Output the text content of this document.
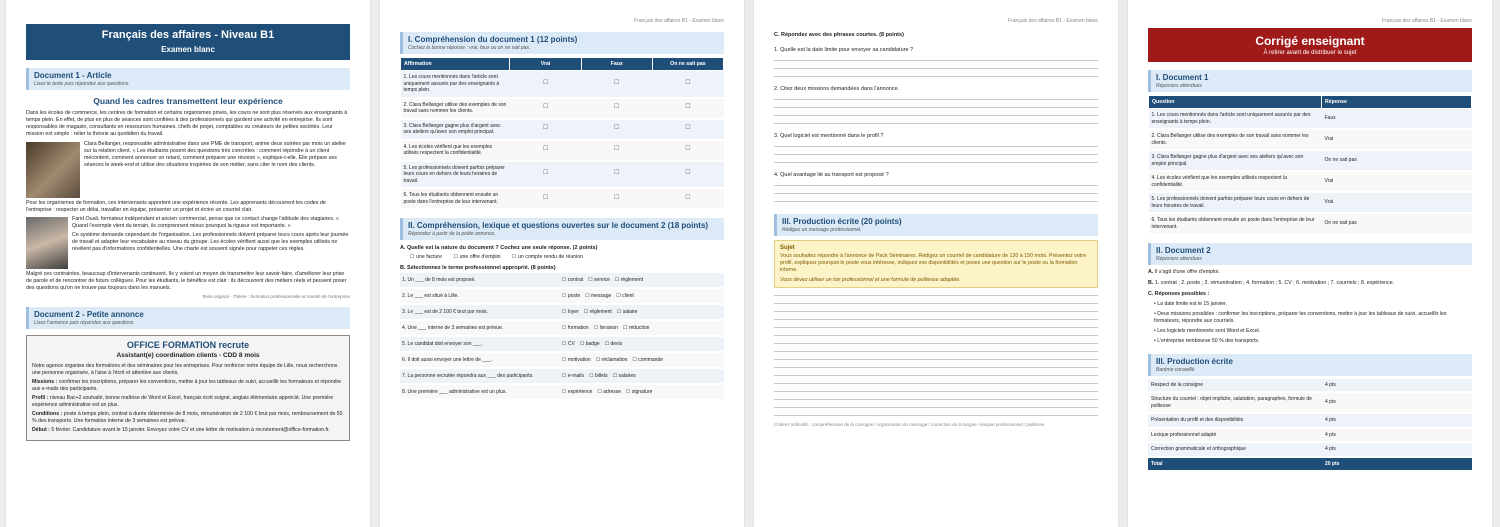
Français des affaires - Niveau B1
Examen blanc
Document 1 - Article
Lisez le texte puis répondez aux questions.
Quand les cadres transmettent leur expérience
Dans les écoles de commerce, les centres de formation et certains organismes privés, les cours ne sont plus réservés aux enseignants à temps plein. En effet, de plus en plus de séances sont confiées à des professionnels qui gardent une activité en entreprise. Ils sont responsables de magasin, consultants en ressources humaines, chefs de projet, comptables ou créateurs de petites sociétés. Leur mission est simple : relier la théorie au quotidien du travail.
Clara Bellanger, responsable administrative dans une PME de transport, anime deux soirées par mois un atelier sur la relation client. « Les étudiants posent des questions très concrètes : comment répondre à un client mécontent, comment annoncer un retard, comment préparer une réunion », explique-t-elle. Elle prépare ses séances le week-end et utilise des situations inspirées de son métier, sans citer le nom des clients.
Pour les organismes de formation, ces intervenants apportent une expérience récente. Les apprenants découvrent les codes de l'entreprise : respecter un délai, travailler en équipe, présenter un projet et écrire un courriel clair.
Farid Ouali, formateur indépendant et ancien commercial, pense que ce contact change l'attitude des stagiaires. « Quand l'exemple vient du terrain, ils comprennent mieux pourquoi la rigueur est importante. »
Ce système demande cependant de l'organisation. Les professionnels doivent préparer leurs cours après leur journée de travail et adapter leur vocabulaire au niveau du groupe. Les écoles vérifient aussi que les exemples utilisés ne révèlent pas d'informations confidentielles. Une charte est souvent signée pour rappeler ces règles.
Malgré ces contraintes, beaucoup d'intervenants continuent. Ils y voient un moyen de transmettre leur savoir-faire, d'améliorer leur prise de parole et de rencontrer de futurs collègues. Pour les étudiants, le bénéfice est clair : ils découvrent des métiers réels et peuvent poser des questions qu'on ne trouve pas toujours dans les manuels.
Texte original - Thème : formation professionnelle et monde de l'entreprise
Document 2 - Petite annonce
Lisez l'annonce puis répondez aux questions.
OFFICE FORMATION recrute
Assistant(e) coordination clients - CDD 8 mois
Notre agence organise des formations et des séminaires pour les entreprises. Pour renforcer notre équipe de Lille, nous recherchons une personne organisée, à l'aise à l'écrit et attentive aux clients.
Missions : confirmer les inscriptions, préparer les conventions, mettre à jour les tableaux de suivi, accueillir les formateurs et répondre aux e-mails des participants.
Profil : niveau Bac+2 souhaité, bonne maîtrise de Word et Excel, français écrit soigné, anglais élémentaire apprécié. Une première expérience administrative est un plus.
Conditions : poste à temps plein, contrat à durée déterminée de 8 mois, rémunération de 2 100 € brut par mois, remboursement de 50 % des transports. Une formation interne de 3 semaines est prévue.
Début : 5 février. Candidature avant le 15 janvier. Envoyez votre CV et une lettre de motivation à recrutement@office-formation.fr.
Français des affaires B1 - Examen blanc
I. Compréhension du document 1 (12 points)
Cochez la bonne réponse : vrai, faux ou on ne sait pas.
Affirmation	Vrai	Faux	On ne sait pas
1. Les cours mentionnés dans l'article sont uniquement assurés par des enseignants à temps plein.	☐	☐	☐
2. Clara Bellanger utilise des exemples de son travail sans nommer les clients.	☐	☐	☐
3. Clara Bellanger gagne plus d'argent avec ses ateliers qu'avec son emploi principal.	☐	☐	☐
4. Les écoles vérifient que les exemples utilisés respectent la confidentialité.	☐	☐	☐
5. Les professionnels doivent parfois préparer leurs cours en dehors de leurs horaires de travail.	☐	☐	☐
6. Tous les étudiants obtiennent ensuite un poste dans l'entreprise de leur intervenant.	☐	☐	☐
II. Compréhension, lexique et questions ouvertes sur le document 2 (18 points)
Répondez à partir de la petite annonce.
A. Quelle est la nature du document ? Cochez une seule réponse. (2 points)
☐ une facture ☐ une offre d'emploi ☐ un compte rendu de réunion
B. Sélectionnez le terme professionnel approprié. (8 points)
1. Un ___ de 8 mois est proposé.	☐ contrat ☐ service ☐ règlement
2. Le ___ est situé à Lille.	☐ poste ☐ message ☐ client
3. Le ___ est de 2 100 € brut par mois.	☐ loyer ☐ règlement ☐ salaire
4. Une ___ interne de 3 semaines est prévue.	☐ formation ☐ livraison ☐ réduction
5. Le candidat doit envoyer son ___.	☐ CV ☐ badge ☐ devis
6. Il doit aussi envoyer une lettre de ___.	☐ motivation ☐ réclamation ☐ commande
7. La personne recrutée répondra aux ___ des participants.	☐ e-mails ☐ billets ☐ salaires
8. Une première ___ administrative est un plus.	☐ expérience ☐ adresse ☐ signature
Français des affaires B1 - Examen blanc
C. Répondez avec des phrases courtes. (8 points)
1. Quelle est la date limite pour envoyer sa candidature ?
2. Citez deux missions demandées dans l'annonce.
3. Quel logiciel est mentionné dans le profil ?
4. Quel avantage lié au transport est proposé ?
III. Production écrite (20 points)
Rédigez un message professionnel.
Sujet
Vous souhaitez répondre à l'annonce de Pack Séminaires. Rédigez un courriel de candidature de 120 à 150 mots. Présentez votre profil, expliquez pourquoi le poste vous intéresse, indiquez vos disponibilités et posez une question sur le poste ou la formation interne.
Vous devez utiliser un ton professionnel et une formule de politesse adaptée.
Critères indicatifs : compréhension de la consigne / organisation du message / correction de la langue / lexique professionnel / politesse.
Français des affaires B1 - Examen blanc
Corrigé enseignant
À retirer avant de distribuer le sujet
I. Document 1
Réponses attendues
Question	Réponse
1. Les cours mentionnés dans l'article sont uniquement assurés par des enseignants à temps plein.	Faux
2. Clara Bellanger utilise des exemples de son travail sans nommer les clients.	Vrai
3. Clara Bellanger gagne plus d'argent avec ses ateliers qu'avec son emploi principal.	On ne sait pas
4. Les écoles vérifient que les exemples utilisés respectent la confidentialité.	Vrai
5. Les professionnels doivent parfois préparer leurs cours en dehors de leurs horaires de travail.	Vrai
6. Tous les étudiants obtiennent ensuite un poste dans l'entreprise de leur intervenant.	On ne sait pas
II. Document 2
Réponses attendues
A. Il s'agit d'une offre d'emploi.
B. 1. contrat ; 2. poste ; 3. rémunération ; 4. formation ; 5. CV ; 6. motivation ; 7. courriels ; 8. expérience.
C. Réponses possibles :
• La date limite est le 15 janvier.
• Deux missions possibles : confirmer les inscriptions, préparer les conventions, mettre à jour les tableaux de suivi, accueillir les formateurs, répondre aux courriels.
• Les logiciels mentionnés sont Word et Excel.
• L'entreprise rembourse 50 % des transports.
III. Production écrite
Barème conseillé
Respect de la consigne	4 pts
Structure du courriel : objet implicite, salutation, paragraphes, formule de politesse	4 pts
Présentation du profil et des disponibilités	4 pts
Lexique professionnel adapté	4 pts
Correction grammaticale et orthographique	4 pts
Total	20 pts
